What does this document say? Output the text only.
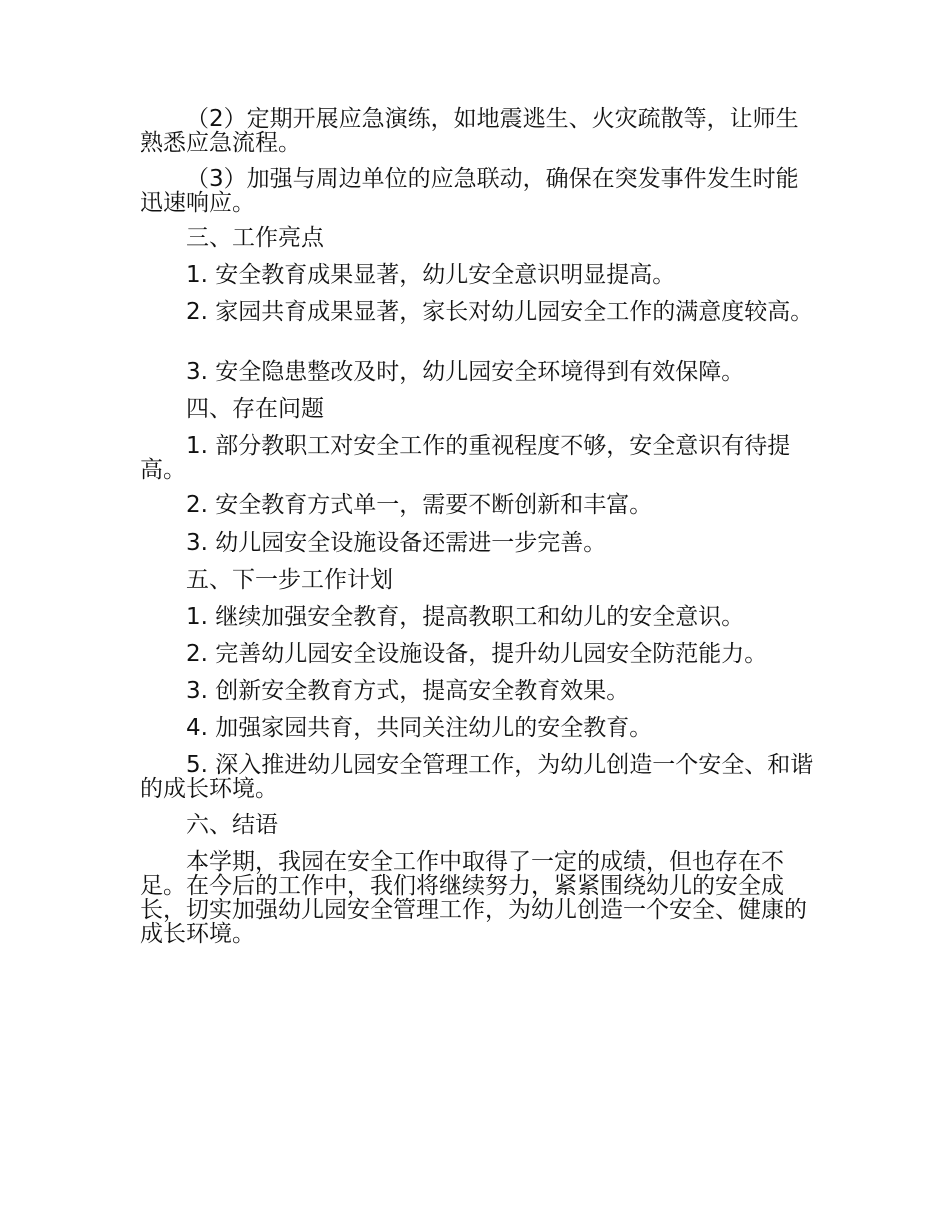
（2）定期开展应急演练，如地震逃生、火灾疏散等，让师生熟悉应急流程。

（3）加强与周边单位的应急联动，确保在突发事件发生时能迅速响应。

三、工作亮点

1. 安全教育成果显著，幼儿安全意识明显提高。

2. 家园共育成果显著，家长对幼儿园安全工作的满意度较高。

3. 安全隐患整改及时，幼儿园安全环境得到有效保障。

四、存在问题

1. 部分教职工对安全工作的重视程度不够，安全意识有待提高。

2. 安全教育方式单一，需要不断创新和丰富。

3. 幼儿园安全设施设备还需进一步完善。

五、下一步工作计划

1. 继续加强安全教育，提高教职工和幼儿的安全意识。

2. 完善幼儿园安全设施设备，提升幼儿园安全防范能力。

3. 创新安全教育方式，提高安全教育效果。

4. 加强家园共育，共同关注幼儿的安全教育。

5. 深入推进幼儿园安全管理工作，为幼儿创造一个安全、和谐的成长环境。

六、结语

本学期，我园在安全工作中取得了一定的成绩，但也存在不足。在今后的工作中，我们将继续努力，紧紧围绕幼儿的安全成长，切实加强幼儿园安全管理工作，为幼儿创造一个安全、健康的成长环境。
